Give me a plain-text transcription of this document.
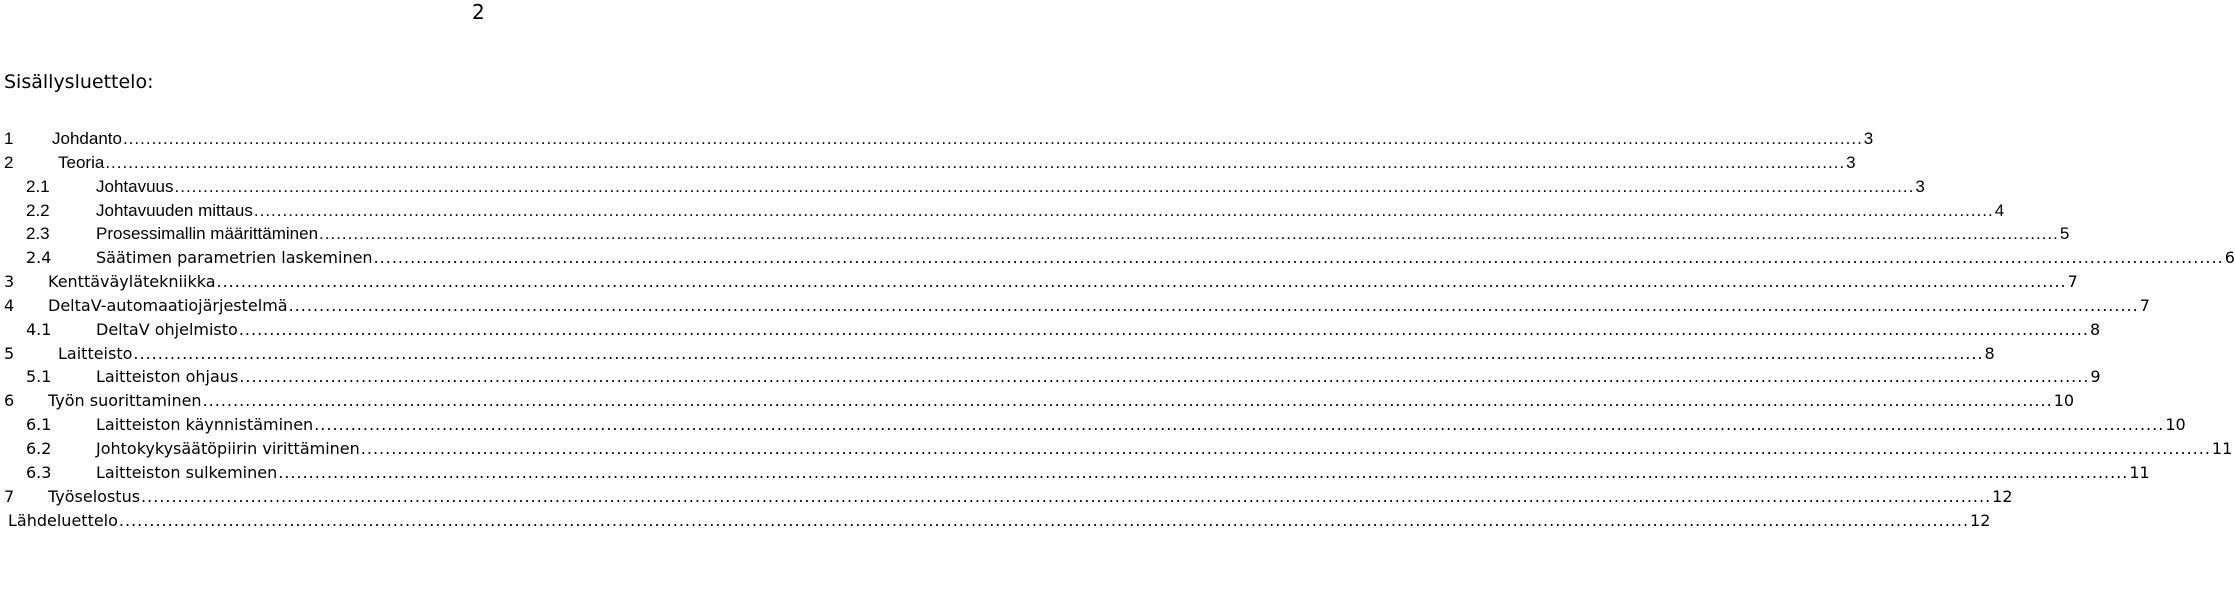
2
Sisällysluettelo:
1	Johdanto .....	3
2	Teoria .....	3
2.1	Johtavuus .....	3
2.2	Johtavuuden mittaus .....	4
2.3	Prosessimallin määrittäminen .....	5
2.4	Säätimen parametrien laskeminen .....	6
3	Kenttäväylätekniikka .....	7
4	DeltaV-automaatiojärjestelmä .....	7
4.1	DeltaV ohjelmisto .....	8
5	Laitteisto .....	8
5.1	Laitteiston ohjaus .....	9
6	Työn suorittaminen .....	10
6.1	Laitteiston käynnistäminen .....	10
6.2	Johtokykysäätöpiirin virittäminen .....	11
6.3	Laitteiston sulkeminen .....	11
7	Työselostus .....	12
Lähdeluettelo .....	12
